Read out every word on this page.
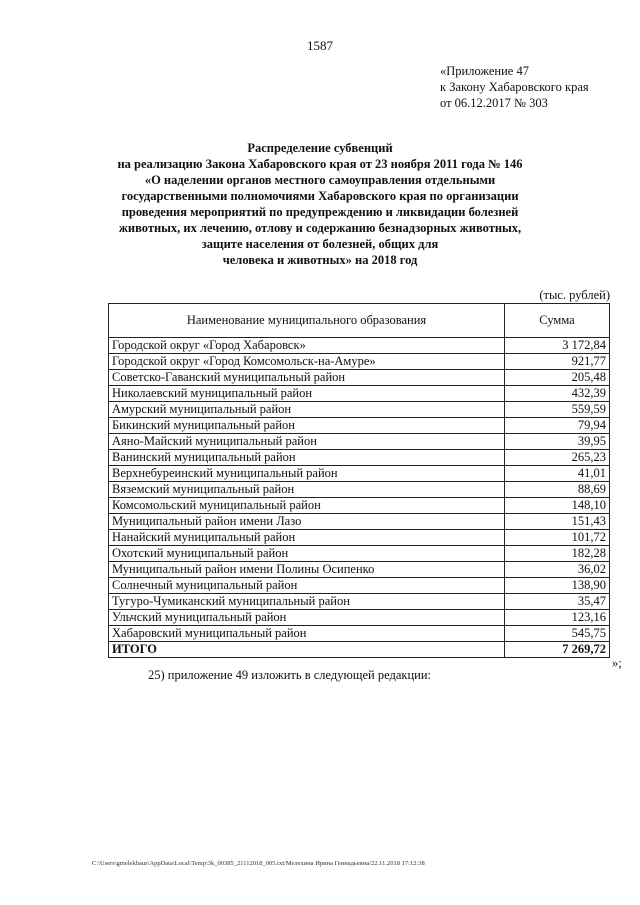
1587
«Приложение 47
к Закону Хабаровского края
от 06.12.2017 № 303
Распределение субвенций
на реализацию Закона Хабаровского края от 23 ноября 2011 года № 146
«О наделении органов местного самоуправления отдельными
государственными полномочиями Хабаровского края по организации
проведения мероприятий по предупреждению и ликвидации болезней
животных, их лечению, отлову и содержанию безнадзорных животных,
защите населения от болезней, общих для
человека и животных» на 2018 год
(тыс. рублей)
Наименование муниципального образования	Сумма
Городской округ «Город Хабаровск»	3 172,84
Городской округ «Город Комсомольск-на-Амуре»	921,77
Советско-Гаванский муниципальный район	205,48
Николаевский муниципальный район	432,39
Амурский муниципальный район	559,59
Бикинский муниципальный район	79,94
Аяно-Майский муниципальный район	39,95
Ванинский муниципальный район	265,23
Верхнебуреинский муниципальный район	41,01
Вяземский муниципальный район	88,69
Комсомольский муниципальный район	148,10
Муниципальный район имени Лазо	151,43
Нанайский муниципальный район	101,72
Охотский муниципальный район	182,28
Муниципальный район имени Полины Осипенко	36,02
Солнечный муниципальный район	138,90
Тугуро-Чумиканский муниципальный район	35,47
Ульчский муниципальный район	123,16
Хабаровский муниципальный район	545,75
ИТОГО	7 269,72
»;
25) приложение 49 изложить в следующей редакции:
C:\Users\gmelekhaus\AppData\Local\Temp\3k_00385_21112018_005.txt/Мелехина Ирина Геннадьевна/22.11.2018 17:12:38
